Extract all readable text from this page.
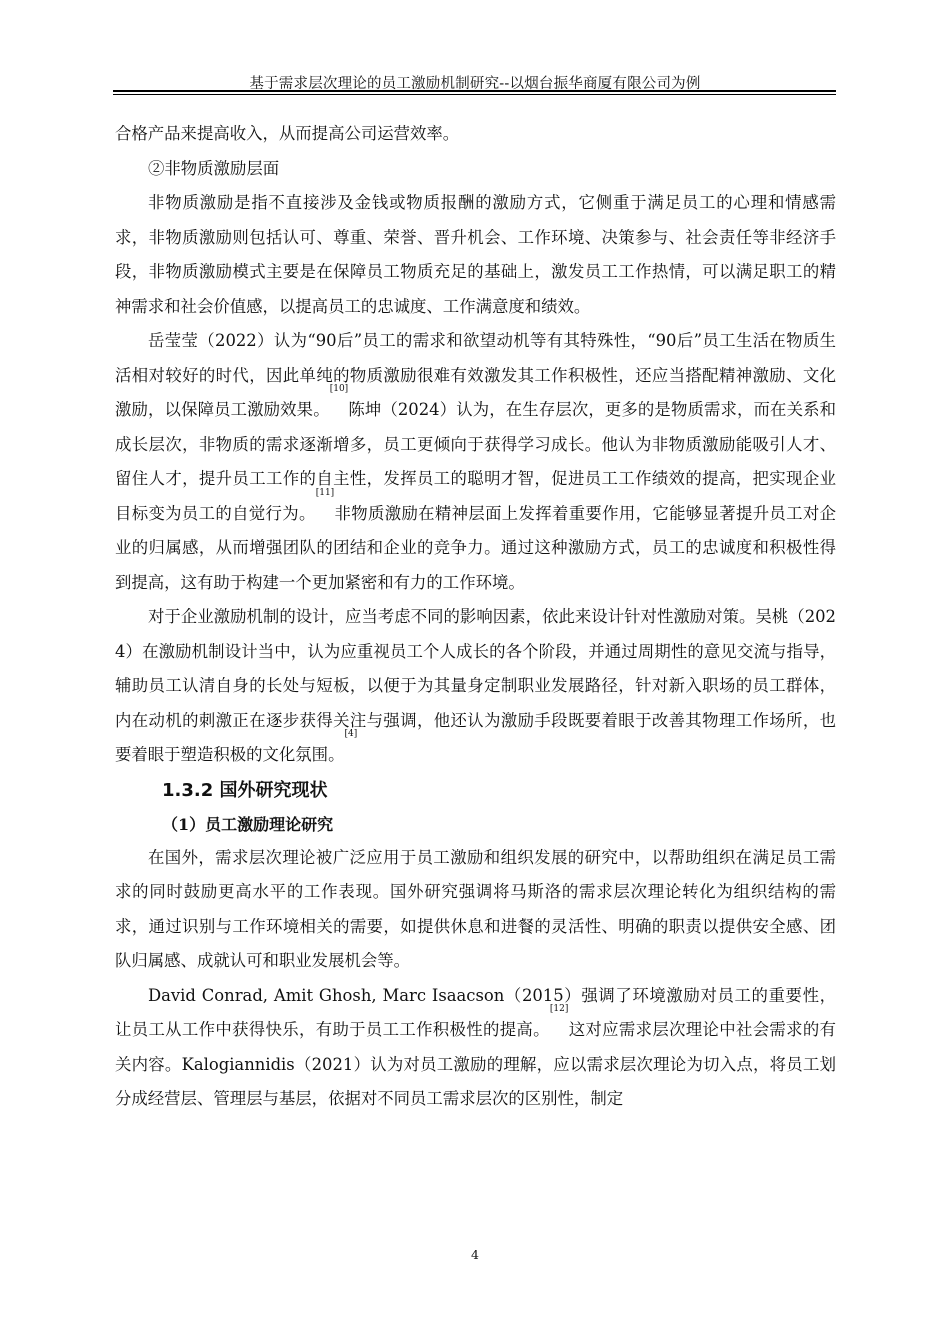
基于需求层次理论的员工激励机制研究--以烟台振华商厦有限公司为例

合格产品来提高收入，从而提高公司运营效率。

②非物质激励层面

非物质激励是指不直接涉及金钱或物质报酬的激励方式，它侧重于满足员工的心理和情感需求，非物质激励则包括认可、尊重、荣誉、晋升机会、工作环境、决策参与、社会责任等非经济手段，非物质激励模式主要是在保障员工物质充足的基础上，激发员工工作热情，可以满足职工的精神需求和社会价值感，以提高员工的忠诚度、工作满意度和绩效。

岳莹莹（2022）认为“90后”员工的需求和欲望动机等有其特殊性，“90后”员工生活在物质生活相对较好的时代，因此单纯的物质激励很难有效激发其工作积极性，还应当搭配精神激励、文化激励，以保障员工激励效果。[10]陈坤（2024）认为，在生存层次，更多的是物质需求，而在关系和成长层次，非物质的需求逐渐增多，员工更倾向于获得学习成长。他认为非物质激励能吸引人才、留住人才，提升员工工作的自主性，发挥员工的聪明才智，促进员工工作绩效的提高，把实现企业目标变为员工的自觉行为。[11]非物质激励在精神层面上发挥着重要作用，它能够显著提升员工对企业的归属感，从而增强团队的团结和企业的竞争力。通过这种激励方式，员工的忠诚度和积极性得到提高，这有助于构建一个更加紧密和有力的工作环境。

对于企业激励机制的设计，应当考虑不同的影响因素，依此来设计针对性激励对策。吴桃（2024）在激励机制设计当中，认为应重视员工个人成长的各个阶段，并通过周期性的意见交流与指导，辅助员工认清自身的长处与短板，以便于为其量身定制职业发展路径，针对新入职场的员工群体，内在动机的刺激正在逐步获得关注与强调，他还认为激励手段既要着眼于改善其物理工作场所，也要着眼于塑造积极的文化氛围。[4]

1.3.2 国外研究现状
（1）员工激励理论研究

在国外，需求层次理论被广泛应用于员工激励和组织发展的研究中，以帮助组织在满足员工需求的同时鼓励更高水平的工作表现。国外研究强调将马斯洛的需求层次理论转化为组织结构的需求，通过识别与工作环境相关的需要，如提供休息和进餐的灵活性、明确的职责以提供安全感、团队归属感、成就认可和职业发展机会等。

David Conrad, Amit Ghosh, Marc Isaacson（2015）强调了环境激励对员工的重要性，让员工从工作中获得快乐，有助于员工工作积极性的提高。[12]这对应需求层次理论中社会需求的有关内容。Kalogiannidis（2021）认为对员工激励的理解，应以需求层次理论为切入点，将员工划分成经营层、管理层与基层，依据对不同员工需求层次的区别性，制定

4
